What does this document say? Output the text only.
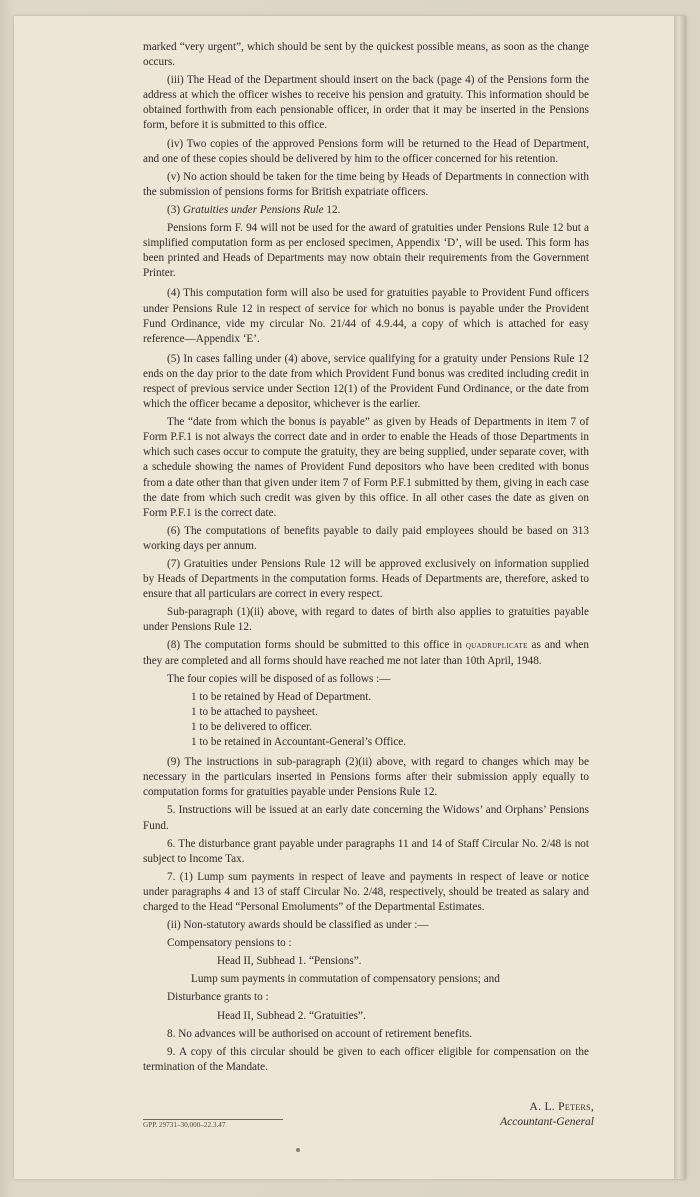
marked “very urgent”, which should be sent by the quickest possible means, as soon as the change occurs.

(iii) The Head of the Department should insert on the back (page 4) of the Pensions form the address at which the officer wishes to receive his pension and gratuity. This information should be obtained forthwith from each pensionable officer, in order that it may be inserted in the Pensions form, before it is submitted to this office.

(iv) Two copies of the approved Pensions form will be returned to the Head of Department, and one of these copies should be delivered by him to the officer concerned for his retention.

(v) No action should be taken for the time being by Heads of Departments in connection with the submission of pensions forms for British expatriate officers.

(3) Gratuities under Pensions Rule 12.

Pensions form F. 94 will not be used for the award of gratuities under Pensions Rule 12 but a simplified computation form as per enclosed specimen, Appendix ‘D’, will be used. This form has been printed and Heads of Departments may now obtain their requirements from the Government Printer.

(4) This computation form will also be used for gratuities payable to Provident Fund officers under Pensions Rule 12 in respect of service for which no bonus is payable under the Provident Fund Ordinance, vide my circular No. 21/44 of 4.9.44, a copy of which is attached for easy reference—Appendix ‘E’.

(5) In cases falling under (4) above, service qualifying for a gratuity under Pensions Rule 12 ends on the day prior to the date from which Provident Fund bonus was credited including credit in respect of previous service under Section 12(1) of the Provident Fund Ordinance, or the date from which the officer became a depositor, whichever is the earlier.

The “date from which the bonus is payable” as given by Heads of Departments in item 7 of Form P.F.1 is not always the correct date and in order to enable the Heads of those Departments in which such cases occur to compute the gratuity, they are being supplied, under separate cover, with a schedule showing the names of Provident Fund depositors who have been credited with bonus from a date other than that given under item 7 of Form P.F.1 submitted by them, giving in each case the date from which such credit was given by this office. In all other cases the date as given on Form P.F.1 is the correct date.

(6) The computations of benefits payable to daily paid employees should be based on 313 working days per annum.

(7) Gratuities under Pensions Rule 12 will be approved exclusively on information supplied by Heads of Departments in the computation forms. Heads of Departments are, therefore, asked to ensure that all particulars are correct in every respect.

Sub-paragraph (1)(ii) above, with regard to dates of birth also applies to gratuities payable under Pensions Rule 12.

(8) The computation forms should be submitted to this office in quadruplicate as and when they are completed and all forms should have reached me not later than 10th April, 1948.

The four copies will be disposed of as follows :—

1 to be retained by Head of Department.

1 to be attached to paysheet.

1 to be delivered to officer.

1 to be retained in Accountant-General’s Office.

(9) The instructions in sub-paragraph (2)(ii) above, with regard to changes which may be necessary in the particulars inserted in Pensions forms after their submission apply equally to computation forms for gratuities payable under Pensions Rule 12.

5. Instructions will be issued at an early date concerning the Widows’ and Orphans’ Pensions Fund.

6. The disturbance grant payable under paragraphs 11 and 14 of Staff Circular No. 2/48 is not subject to Income Tax.

7. (1) Lump sum payments in respect of leave and payments in respect of leave or notice under paragraphs 4 and 13 of staff Circular No. 2/48, respectively, should be treated as salary and charged to the Head “Personal Emoluments” of the Departmental Estimates.

(ii) Non-statutory awards should be classified as under :—

Compensatory pensions to :

Head II, Subhead 1. “Pensions”.

Lump sum payments in commutation of compensatory pensions; and

Disturbance grants to :

Head II, Subhead 2. “Gratuities”.

8. No advances will be authorised on account of retirement benefits.

9. A copy of this circular should be given to each officer eligible for compensation on the termination of the Mandate.

A. L. Peters,
Accountant-General
GPP. 29731–30,000–22.3.47
